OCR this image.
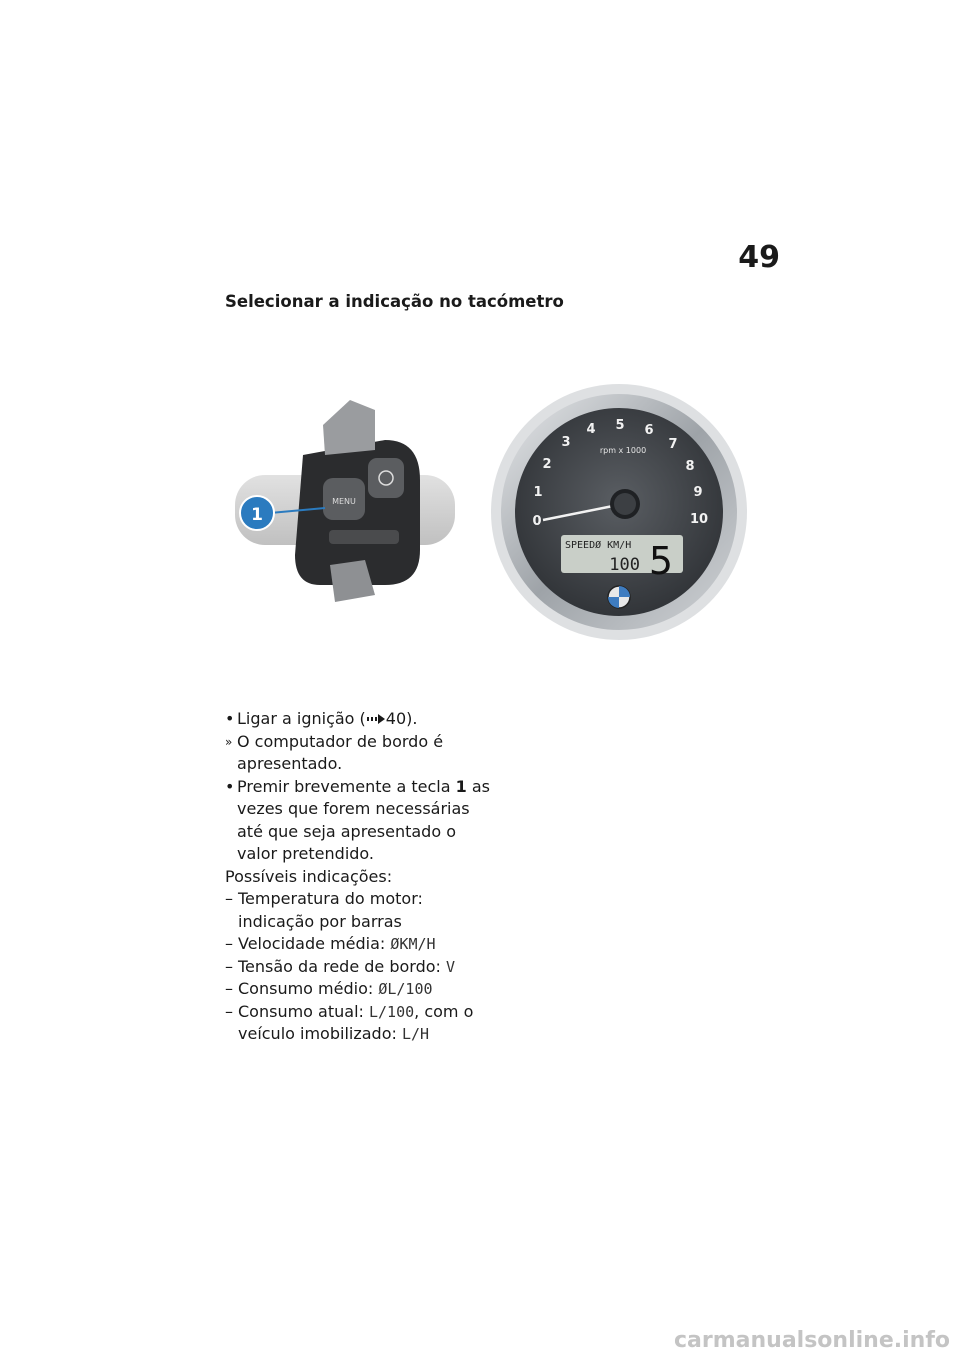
49
Selecionar a indicação no tacómetro
MENU
1
rpm x 1000
0
1
2
3
4 5 6
7
8
9
10
SPEEDØ KM/H
100 5
• Ligar a ignição ( 40).
» O computador de bordo é apresentado.
• Premir brevemente a tecla 1 as vezes que forem necessárias até que seja apresentado o valor pretendido.
Possíveis indicações:
– Temperatura do motor: indicação por barras
– Velocidade média: ØKM/H
– Tensão da rede de bordo: V
– Consumo médio: ØL/100
– Consumo atual: L/100, com o veículo imobilizado: L/H
carmanualsonline.info
